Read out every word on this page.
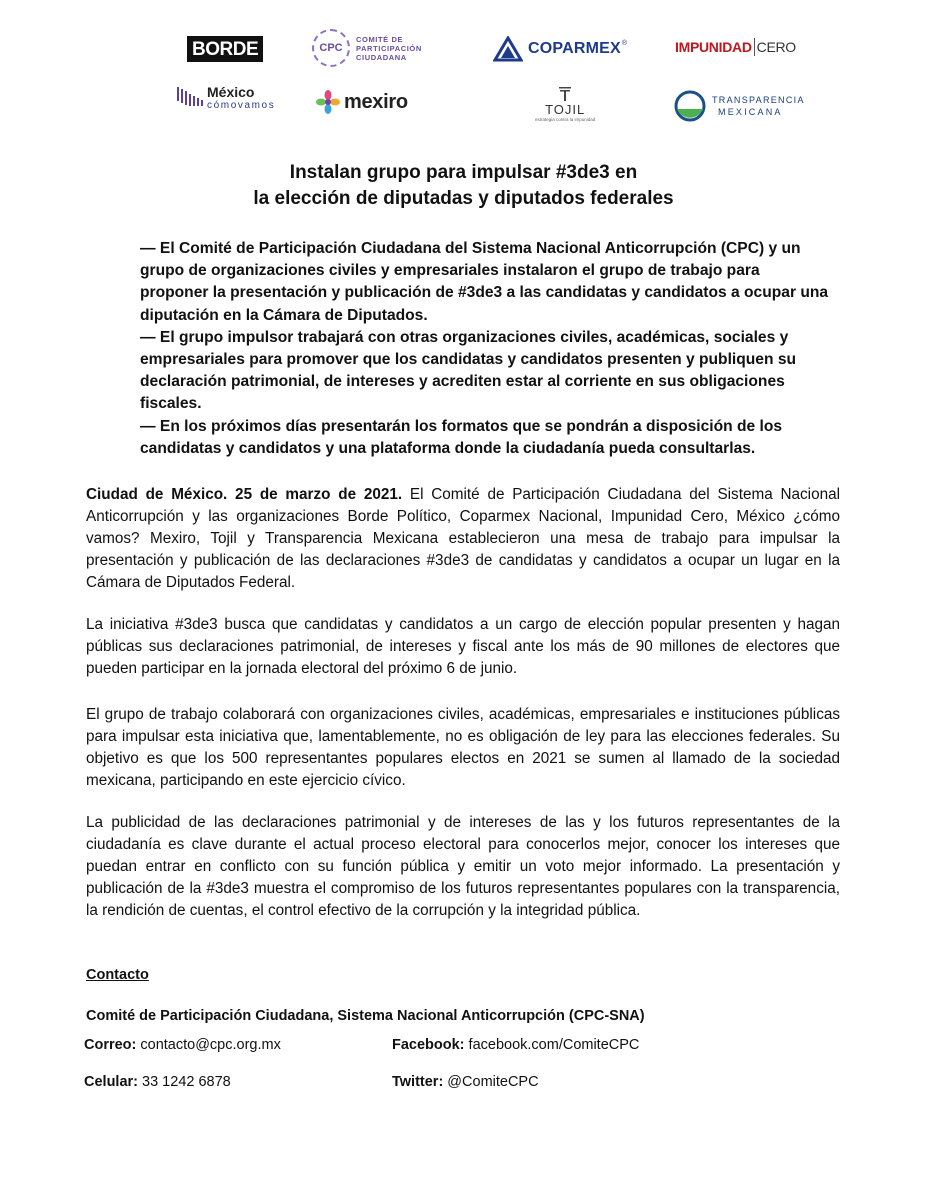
BORDE	CPC
COMITÉ DE
PARTICIPACIÓN
CIUDADANA	COPARMEX ®	IMPUNIDAD CERO
México
cómovamos	mexiro	TOJIL
estrategia contra la impunidad
TRANSPARENCIA
MEXICANA
Instalan grupo para impulsar #3de3 en
la elección de diputadas y diputados federales

— El Comité de Participación Ciudadana del Sistema Nacional Anticorrupción (CPC) y un grupo de organizaciones civiles y empresariales instalaron el grupo de trabajo para proponer la presentación y publicación de #3de3 a las candidatas y candidatos a ocupar una diputación en la Cámara de Diputados.

— El grupo impulsor trabajará con otras organizaciones civiles, académicas, sociales y empresariales para promover que los candidatas y candidatos presenten y publiquen su declaración patrimonial, de intereses y acrediten estar al corriente en sus obligaciones fiscales.

— En los próximos días presentarán los formatos que se pondrán a disposición de los candidatas y candidatos y una plataforma donde la ciudadanía pueda consultarlas.

Ciudad de México. 25 de marzo de 2021. El Comité de Participación Ciudadana del Sistema Nacional Anticorrupción y las organizaciones Borde Político, Coparmex Nacional, Impunidad Cero, México ¿cómo vamos? Mexiro, Tojil y Transparencia Mexicana establecieron una mesa de trabajo para impulsar la presentación y publicación de las declaraciones #3de3 de candidatas y candidatos a ocupar un lugar en la Cámara de Diputados Federal.

La iniciativa #3de3 busca que candidatas y candidatos a un cargo de elección popular presenten y hagan públicas sus declaraciones patrimonial, de intereses y fiscal ante los más de 90 millones de electores que pueden participar en la jornada electoral del próximo 6 de junio.

El grupo de trabajo colaborará con organizaciones civiles, académicas, empresariales e instituciones públicas para impulsar esta iniciativa que, lamentablemente, no es obligación de ley para las elecciones federales. Su objetivo es que los 500 representantes populares electos en 2021 se sumen al llamado de la sociedad mexicana, participando en este ejercicio cívico.

La publicidad de las declaraciones patrimonial y de intereses de las y los futuros representantes de la ciudadanía es clave durante el actual proceso electoral para conocerlos mejor, conocer los intereses que puedan entrar en conflicto con su función pública y emitir un voto mejor informado. La presentación y publicación de la #3de3 muestra el compromiso de los futuros representantes populares con la transparencia, la rendición de cuentas, el control efectivo de la corrupción y la integridad pública.

Contacto
Comité de Participación Ciudadana, Sistema Nacional Anticorrupción (CPC-SNA)
Correo: contacto@cpc.org.mx	Facebook: facebook.com/ComiteCPC
Celular: 33 1242 6878	Twitter: @ComiteCPC
